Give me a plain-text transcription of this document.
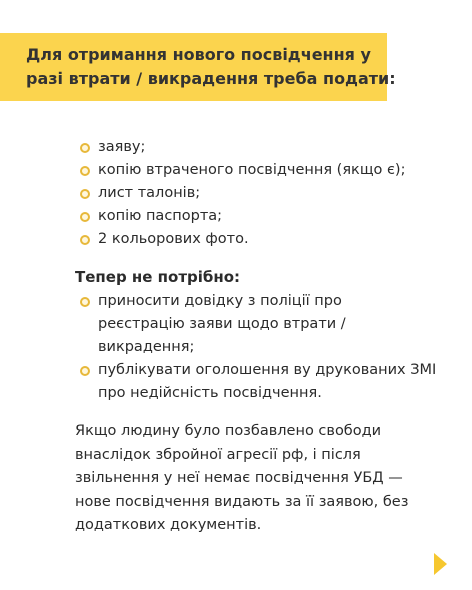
Для отримання нового посвідчення у
разі втрати / викрадення треба подати:
заяву;
копію втраченого посвідчення (якщо є);
лист талонів;
копію паспорта;
2 кольорових фото.
Тепер не потрібно:
приносити довідку з поліції про
реєстрацію заяви щодо втрати /
викрадення;
публікувати оголошення ву друкованих ЗМІ
про недійсність посвідчення.
Якщо людину було позбавлено свободи
внаслідок збройної агресії рф, і після
звільнення у неї немає посвідчення УБД —
нове посвідчення видають за її заявою, без
додаткових документів.
